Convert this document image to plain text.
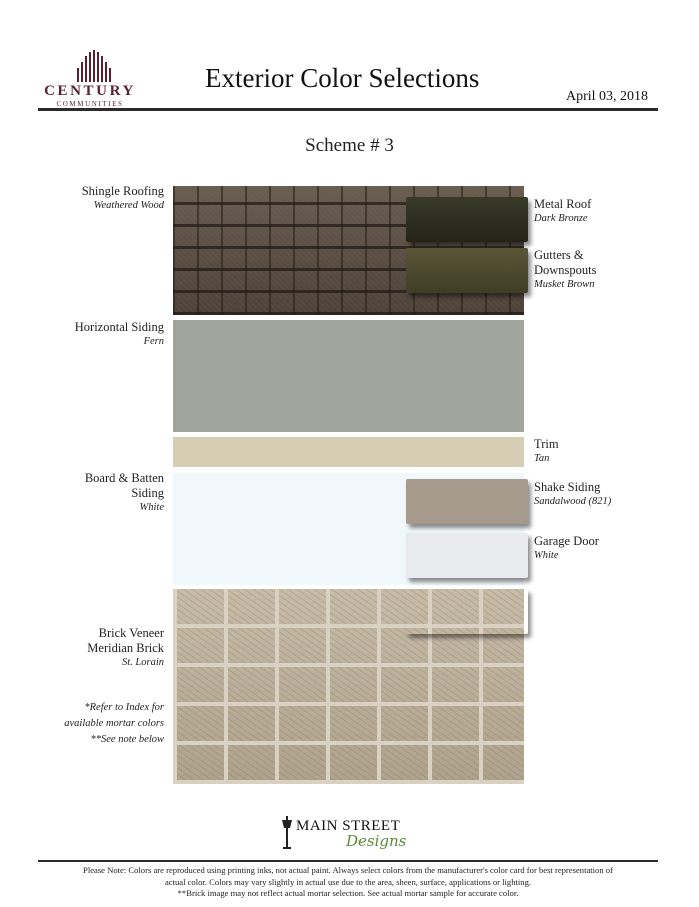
CENTURY
COMMUNITIES
Exterior Color Selections
April 03, 2018
Scheme # 3
Shingle Roofing
Weathered Wood
Horizontal Siding
Fern
Board & Batten
Siding
White
Brick Veneer
Meridian Brick
St. Lorain
*Refer to Index for
available mortar colors
**See note below
Metal Roof
Dark Bronze
Gutters &
Downspouts
Musket Brown
Trim
Tan
Shake Siding
Sandalwood (821)
Garage Door
White
MAIN STREET
Designs
Please Note: Colors are reproduced using printing inks, not actual paint. Always select colors from the manufacturer's color card for best representation of
actual color. Colors may vary slightly in actual use due to the area, sheen, surface, applications or lighting.
**Brick image may not reflect actual mortar selection. See actual mortar sample for accurate color.
